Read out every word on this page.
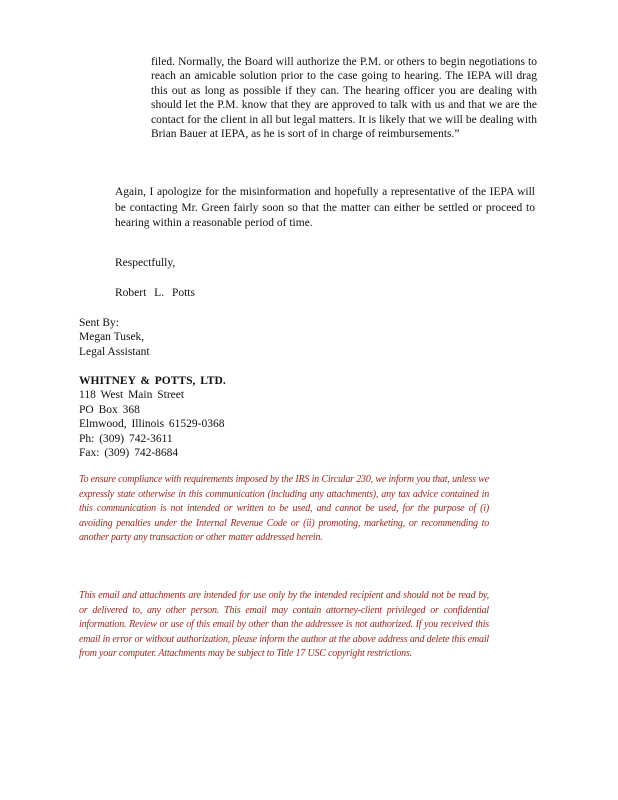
filed. Normally, the Board will authorize the P.M. or others to begin negotiations to reach an amicable solution prior to the case going to hearing. The IEPA will drag this out as long as possible if they can. The hearing officer you are dealing with should let the P.M. know that they are approved to talk with us and that we are the contact for the client in all but legal matters. It is likely that we will be dealing with Brian Bauer at IEPA, as he is sort of in charge of reimbursements.”

Again, I apologize for the misinformation and hopefully a representative of the IEPA will be contacting Mr. Green fairly soon so that the matter can either be settled or proceed to hearing within a reasonable period of time.

Respectfully,

Robert L. Potts

Sent By:
Megan Tusek,
Legal Assistant
WHITNEY & POTTS, LTD.
118 West Main Street
PO Box 368
Elmwood, Illinois 61529-0368
Ph: (309) 742-3611
Fax: (309) 742-8684

To ensure compliance with requirements imposed by the IRS in Circular 230, we inform you that, unless we expressly state otherwise in this communication (including any attachments), any tax advice contained in this communication is not intended or written to be used, and cannot be used, for the purpose of (i) avoiding penalties under the Internal Revenue Code or (ii) promoting, marketing, or recommending to another party any transaction or other matter addressed herein.

This email and attachments are intended for use only by the intended recipient and should not be read by, or delivered to, any other person. This email may contain attorney-client privileged or confidential information. Review or use of this email by other than the addressee is not authorized. If you received this email in error or without authorization, please inform the author at the above address and delete this email from your computer. Attachments may be subject to Title 17 USC copyright restrictions.
